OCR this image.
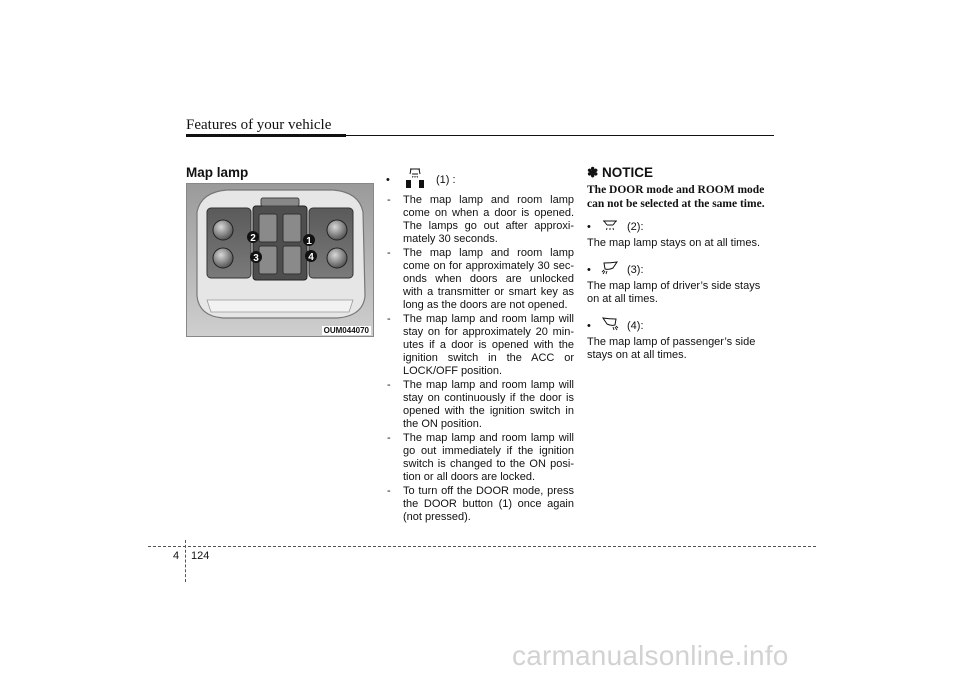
Features of your vehicle
Map lamp
2	1
3	4
OUM044070
•	(1) :
- The map lamp and room lamp come on when a door is opened. The lamps go out after approxi-mately 30 seconds.
- The map lamp and room lamp come on for approximately 30 sec-onds when doors are unlocked with a transmitter or smart key as long as the doors are not opened.
- The map lamp and room lamp will stay on for approximately 20 min-utes if a door is opened with the ignition switch in the ACC or LOCK/OFF position.
- The map lamp and room lamp will stay on continuously if the door is opened with the ignition switch in the ON position.
- The map lamp and room lamp will go out immediately if the ignition switch is changed to the ON posi-tion or all doors are locked.
- To turn off the DOOR mode, press the DOOR button (1) once again (not pressed).
✽ NOTICE
The DOOR mode and ROOM mode can not be selected at the same time.
•	(2):
The map lamp stays on at all times.
•	(3):
The map lamp of driver’s side stays on at all times.
•	(4):
The map lamp of passenger’s side stays on at all times.
4 124
carmanualsonline.info
